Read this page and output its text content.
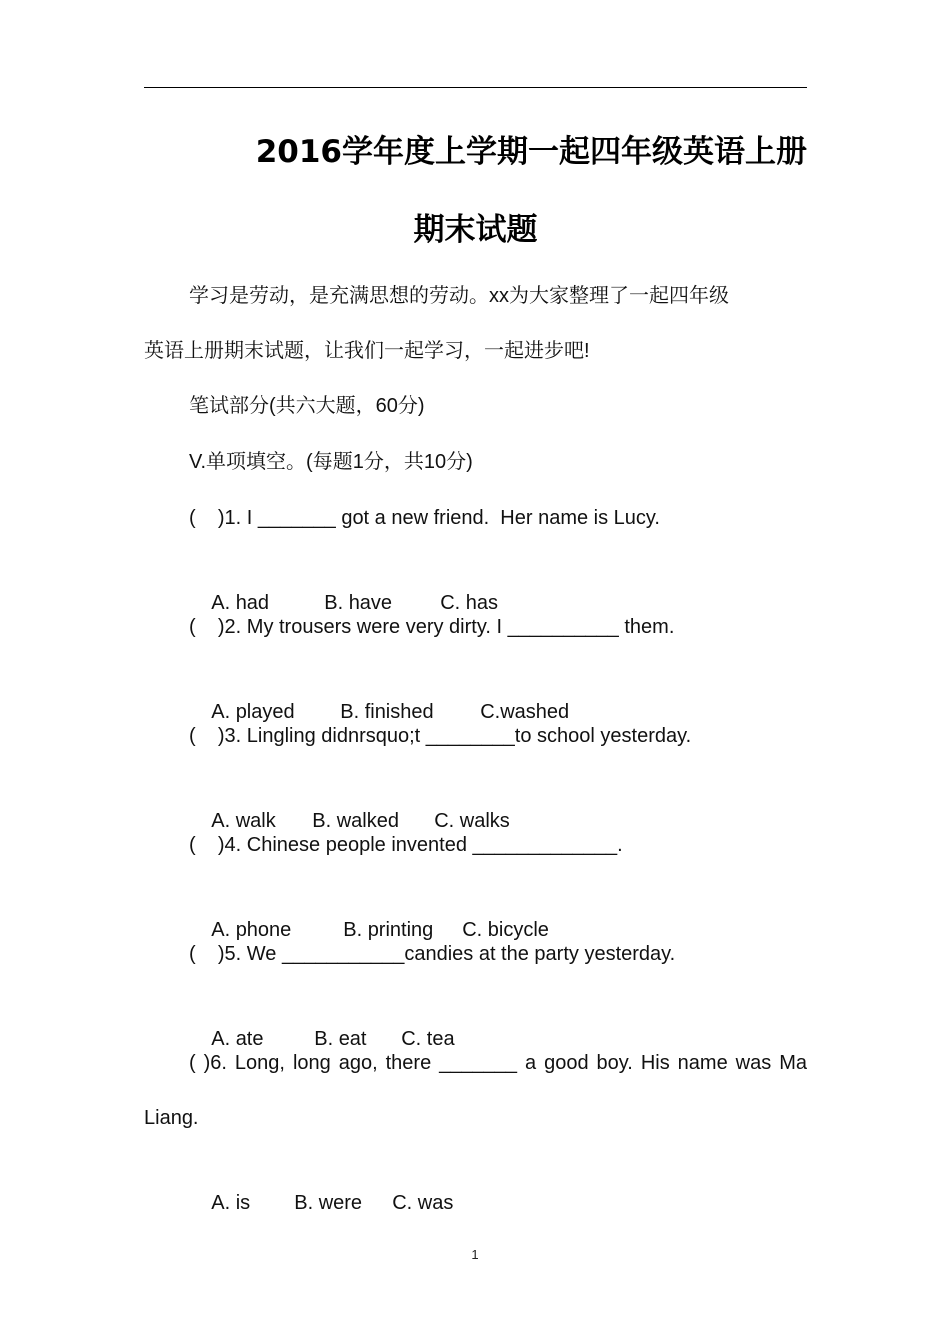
2016学年度上学期一起四年级英语上册
期末试题
学习是劳动，是充满思想的劳动。xx为大家整理了一起四年级
英语上册期末试题，让我们一起学习，一起进步吧!
笔试部分(共六大题，60分)
V.单项填空。(每题1分，共10分)
(    )1. I _______ got a new friend.  Her name is Lucy.

A. had	B. have C. has

(    )2. My trousers were very dirty. I __________ them.

A. played B. finished C.washed

(    )3. Lingling didnrsquo;t ________to school yesterday.

A. walk B. walked C. walks

(    )4. Chinese people invented _____________.

A. phone	B. printing C. bicycle

(    )5. We ___________candies at the party yesterday.

A. ate	B. eat C. tea

( )6. Long, long ago, there _______ a good boy. His name was Ma
Liang.

A. is B. were C. was

1
